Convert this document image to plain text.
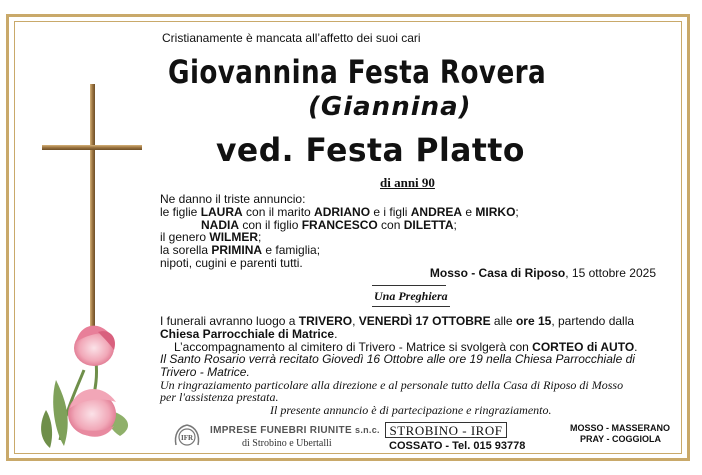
Cristianamente è mancata all’affetto dei suoi cari
Giovannina Festa Rovera
(Giannina)
ved. Festa Platto
di anni 90
Ne danno il triste annuncio:
le figlie LAURA con il marito ADRIANO e i figli ANDREA e MIRKO;
NADIA con il figlio FRANCESCO con DILETTA;
il genero WILMER;
la sorella PRIMINA e famiglia;
nipoti, cugini e parenti tutti.
Mosso - Casa di Riposo, 15 ottobre 2025
Una Preghiera
I funerali avranno luogo a TRIVERO, VENERDÌ 17 OTTOBRE alle ore 15, partendo dalla
Chiesa Parrocchiale di Matrice.
L’accompagnamento al cimitero di Trivero - Matrice si svolgerà con CORTEO di AUTO.
Il Santo Rosario verrà recitato Giovedì 16 Ottobre alle ore 19 nella Chiesa Parrocchiale di
Trivero - Matrice.
Un ringraziamento particolare alla direzione e al personale tutto della Casa di Riposo di Mosso
per l'assistenza prestata.
Il presente annuncio è di partecipazione e ringraziamento.
IFR
IMPRESE FUNEBRI RIUNITE s.n.c.
di Strobino e Ubertalli
STROBINO - IROF
COSSATO - Tel. 015 93778
MOSSO - MASSERANO
PRAY - COGGIOLA
